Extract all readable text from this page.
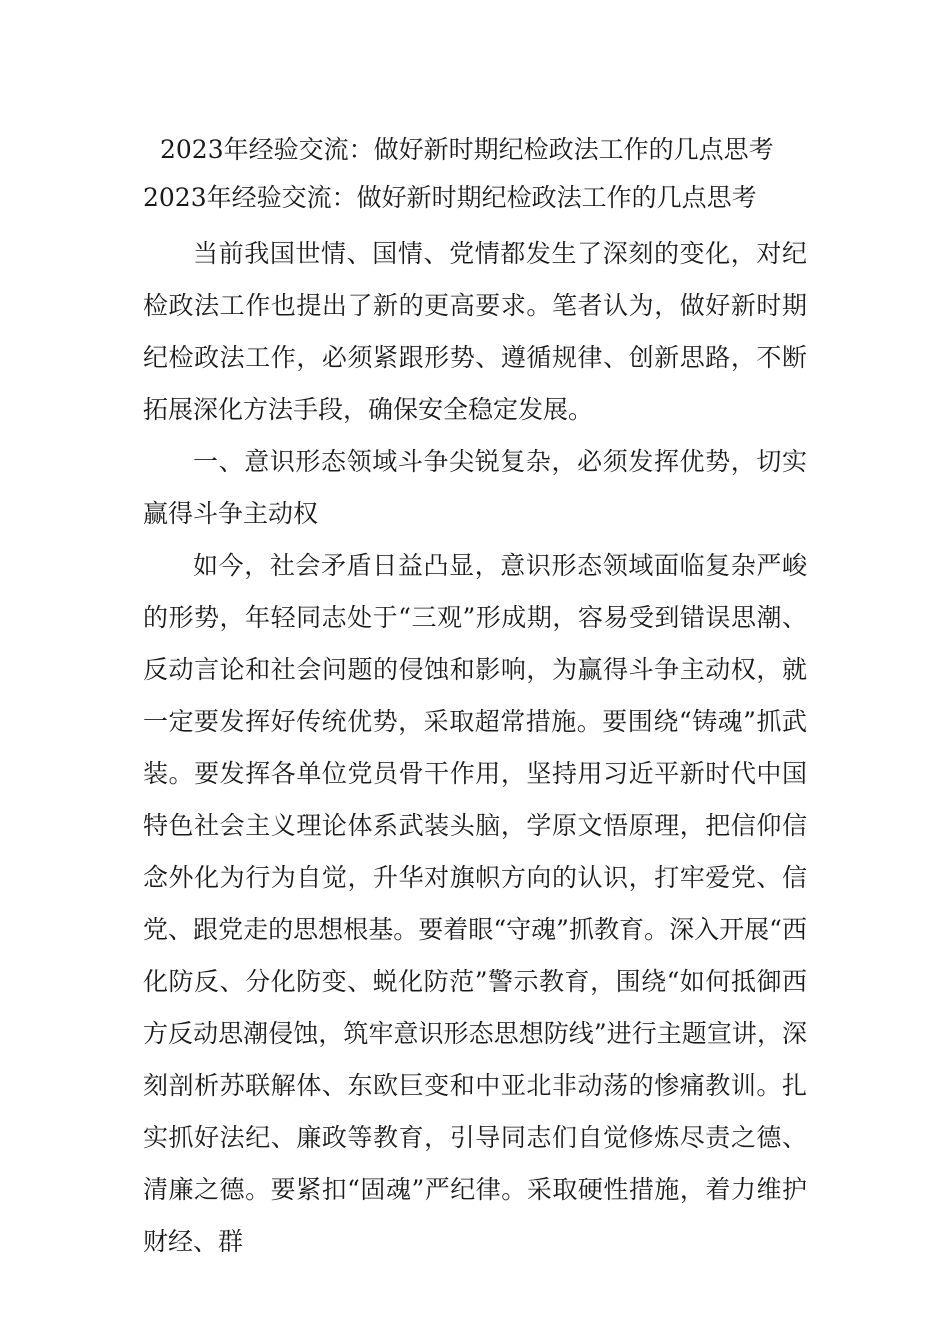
2023年经验交流：做好新时期纪检政法工作的几点思考
2023年经验交流：做好新时期纪检政法工作的几点思考

当前我国世情、国情、党情都发生了深刻的变化，对纪检政法工作也提出了新的更高要求。笔者认为，做好新时期纪检政法工作，必须紧跟形势、遵循规律、创新思路，不断拓展深化方法手段，确保安全稳定发展。

一、意识形态领域斗争尖锐复杂，必须发挥优势，切实赢得斗争主动权

如今，社会矛盾日益凸显，意识形态领域面临复杂严峻的形势，年轻同志处于“三观”形成期，容易受到错误思潮、反动言论和社会问题的侵蚀和影响，为赢得斗争主动权，就一定要发挥好传统优势，采取超常措施。要围绕“铸魂”抓武装。要发挥各单位党员骨干作用，坚持用习近平新时代中国特色社会主义理论体系武装头脑，学原文悟原理，把信仰信念外化为行为自觉，升华对旗帜方向的认识，打牢爱党、信党、跟党走的思想根基。要着眼“守魂”抓教育。深入开展“西化防反、分化防变、蜕化防范”警示教育，围绕“如何抵御西方反动思潮侵蚀，筑牢意识形态思想防线”进行主题宣讲，深刻剖析苏联解体、东欧巨变和中亚北非动荡的惨痛教训。扎实抓好法纪、廉政等教育，引导同志们自觉修炼尽责之德、清廉之德。要紧扣“固魂”严纪律。采取硬性措施，着力维护财经、群
